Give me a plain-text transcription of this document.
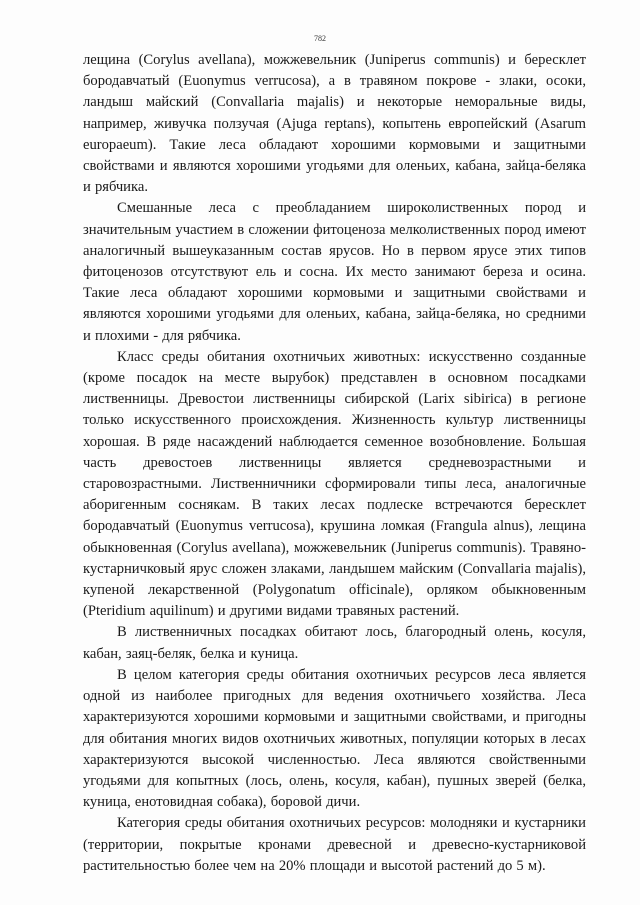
782

лещина (Corylus avellana), можжевельник (Juniperus communis) и бересклет бородавчатый (Euonymus verrucosa), а в травяном покрове - злаки, осоки, ландыш майский (Convallaria majalis) и некоторые неморальные виды, например, живучка ползучая (Ajuga reptans), копытень европейский (Asarum europaeum). Такие леса обладают хорошими кормовыми и защитными свойствами и являются хорошими угодьями для оленьих, кабана, зайца-беляка и рябчика.

Смешанные леса с преобладанием широколиственных пород и значительным участием в сложении фитоценоза мелколиственных пород имеют аналогичный вышеуказанным состав ярусов. Но в первом ярусе этих типов фитоценозов отсутствуют ель и сосна. Их место занимают береза и осина. Такие леса обладают хорошими кормовыми и защитными свойствами и являются хорошими угодьями для оленьих, кабана, зайца-беляка, но средними и плохими - для рябчика.

Класс среды обитания охотничьих животных: искусственно созданные (кроме посадок на месте вырубок) представлен в основном посадками лиственницы. Древостои лиственницы сибирской (Larix sibirica) в регионе только искусственного происхождения. Жизненность культур лиственницы хорошая. В ряде насаждений наблюдается семенное возобновление. Большая часть древостоев лиственницы является средневозрастными и старовозрастными. Лиственничники сформировали типы леса, аналогичные аборигенным соснякам. В таких лесах подлеске встречаются бересклет бородавчатый (Euonymus verrucosa), крушина ломкая (Frangula alnus), лещина обыкновенная (Corylus avellana), можжевельник (Juniperus communis). Травяно-кустарничковый ярус сложен злаками, ландышем майским (Convallaria majalis), купеной лекарственной (Polygonatum officinale), орляком обыкновенным (Pteridium aquilinum) и другими видами травяных растений.

В лиственничных посадках обитают лось, благородный олень, косуля, кабан, заяц-беляк, белка и куница.

В целом категория среды обитания охотничьих ресурсов леса является одной из наиболее пригодных для ведения охотничьего хозяйства. Леса характеризуются хорошими кормовыми и защитными свойствами, и пригодны для обитания многих видов охотничьих животных, популяции которых в лесах характеризуются высокой численностью. Леса являются свойственными угодьями для копытных (лось, олень, косуля, кабан), пушных зверей (белка, куница, енотовидная собака), боровой дичи.

Категория среды обитания охотничьих ресурсов: молодняки и кустарники (территории, покрытые кронами древесной и древесно-кустарниковой растительностью более чем на 20% площади и высотой растений до 5 м).
